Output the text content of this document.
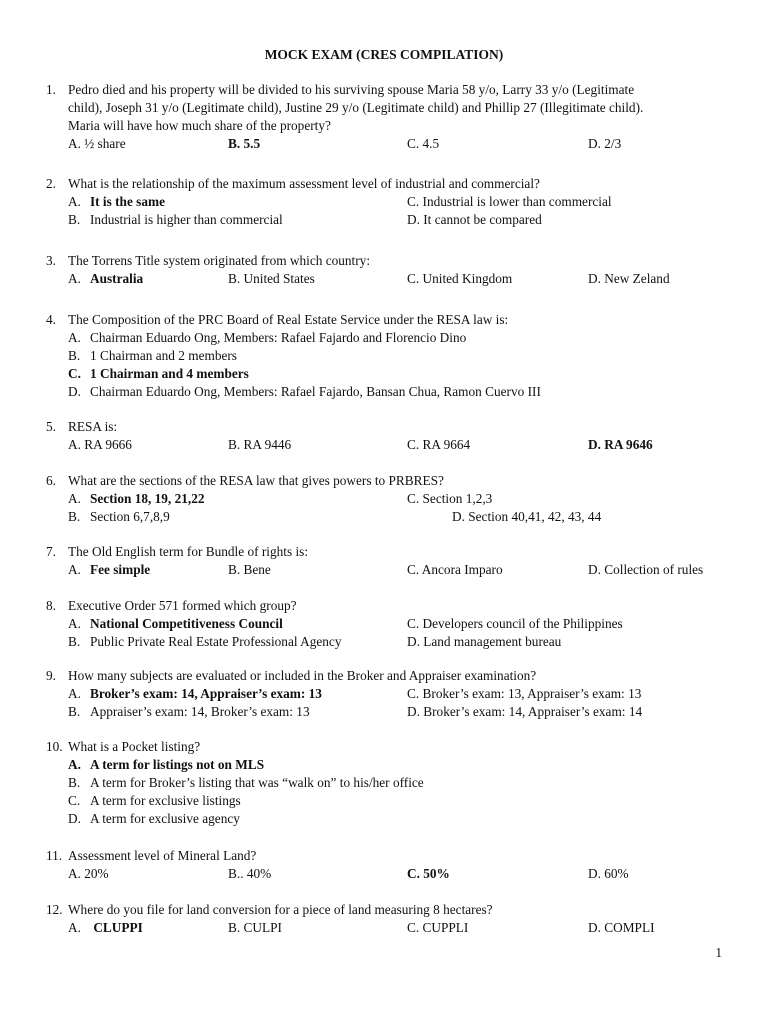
MOCK EXAM (CRES COMPILATION)
1. Pedro died and his property will be divided to his surviving spouse Maria 58 y/o, Larry 33 y/o (Legitimate
child), Joseph 31 y/o (Legitimate child), Justine 29 y/o (Legitimate child) and Phillip 27 (Illegitimate child).
Maria will have how much share of the property?
A. ½ share	B. 5.5	C. 4.5	D. 2/3
2. What is the relationship of the maximum assessment level of industrial and commercial?
A. It is the same	C. Industrial is lower than commercial
B. Industrial is higher than commercial	D. It cannot be compared
3. The Torrens Title system originated from which country:
A. Australia	B. United States	C. United Kingdom	D. New Zeland
4. The Composition of the PRC Board of Real Estate Service under the RESA law is:
A. Chairman Eduardo Ong, Members: Rafael Fajardo and Florencio Dino
B. 1 Chairman and 2 members
C. 1 Chairman and 4 members
D. Chairman Eduardo Ong, Members: Rafael Fajardo, Bansan Chua, Ramon Cuervo III
5. RESA is:
A. RA 9666	B. RA 9446	C. RA 9664	D. RA 9646
6. What are the sections of the RESA law that gives powers to PRBRES?
A. Section 18, 19, 21,22	C. Section 1,2,3
B. Section 6,7,8,9	D. Section 40,41, 42, 43, 44
7. The Old English term for Bundle of rights is:
A. Fee simple	B. Bene	C. Ancora Imparo	D. Collection of rules
8. Executive Order 571 formed which group?
A. National Competitiveness Council	C. Developers council of the Philippines
B. Public Private Real Estate Professional Agency	D. Land management bureau
9. How many subjects are evaluated or included in the Broker and Appraiser examination?
A. Broker’s exam: 14, Appraiser’s exam: 13	C. Broker’s exam: 13, Appraiser’s exam: 13
B. Appraiser’s exam: 14, Broker’s exam: 13	D. Broker’s exam: 14, Appraiser’s exam: 14
10. What is a Pocket listing?
A. A term for listings not on MLS
B. A term for Broker’s listing that was “walk on” to his/her office
C. A term for exclusive listings
D. A term for exclusive agency
11. Assessment level of Mineral Land?
A. 20%	B.. 40%	C. 50%	D. 60%
12. Where do you file for land conversion for a piece of land measuring 8 hectares?
A. CLUPPI	B. CULPI	C. CUPPLI	D. COMPLI
1
